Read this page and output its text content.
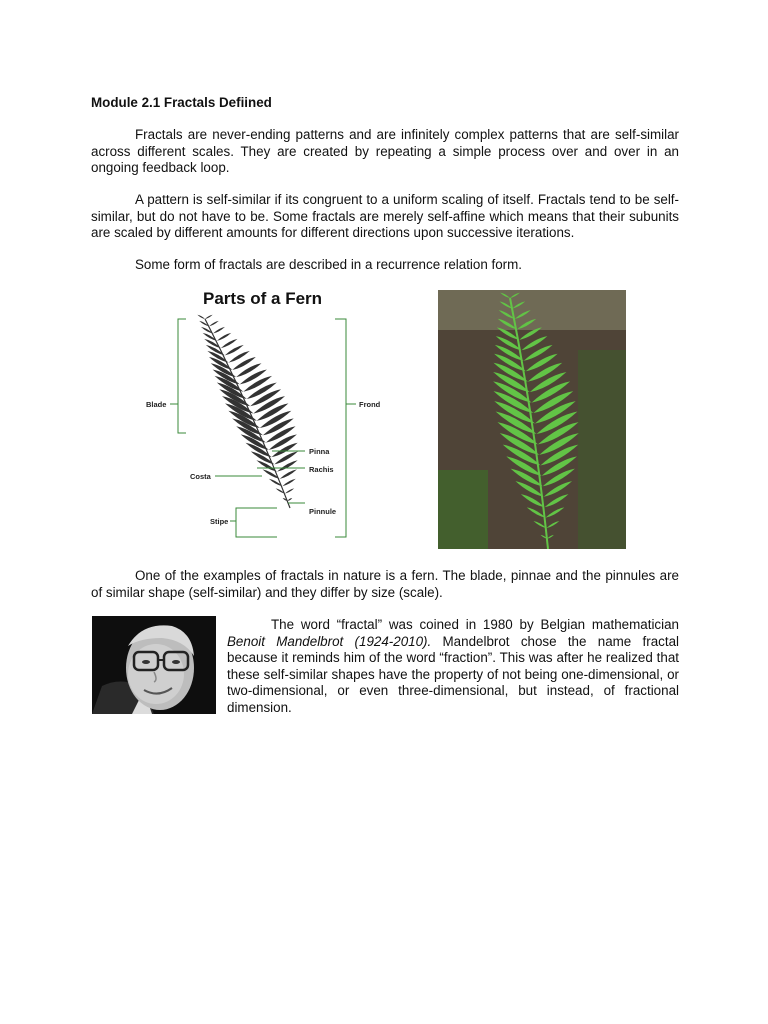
Module 2.1 Fractals Defiined
Fractals are never-ending patterns and are infinitely complex patterns that are self-similar across different scales. They are created by repeating a simple process over and over in an ongoing feedback loop.
A pattern is self-similar if its congruent to a uniform scaling of itself. Fractals tend to be self-similar, but do not have to be. Some fractals are merely self-affine which means that their subunits are scaled by different amounts for different directions upon successive iterations.
Some form of fractals are described in a recurrence relation form.
Parts of a Fern
Blade	Frond
Pinna
Rachis
Costa
Pinnule
Stipe
One of the examples of fractals in nature is a fern. The blade, pinnae and the pinnules are of similar shape (self-similar) and they differ by size (scale).
The word “fractal” was coined in 1980 by Belgian mathematician Benoit Mandelbrot (1924-2010). Mandelbrot chose the name fractal because it reminds him of the word “fraction”. This was after he realized that these self-similar shapes have the property of not being one-dimensional, or two-dimensional, or even three-dimensional, but instead, of fractional dimension.
